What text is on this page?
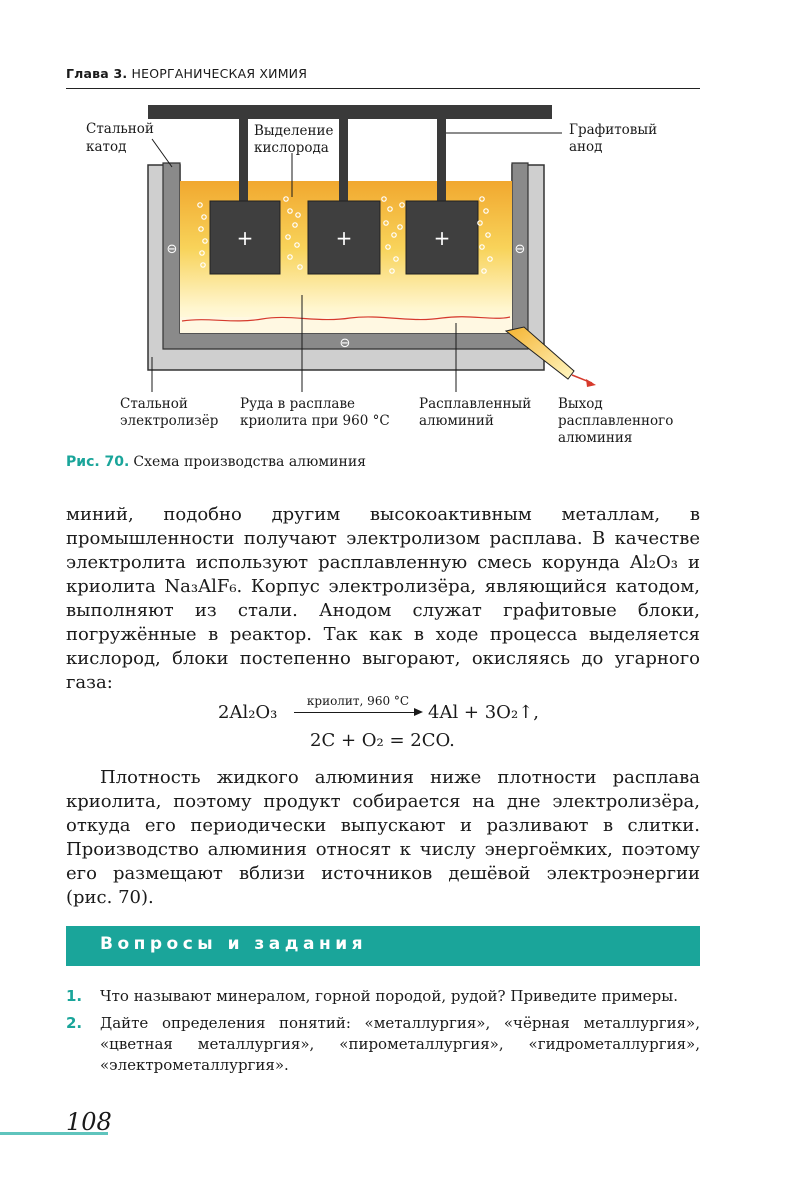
Глава 3. НЕОРГАНИЧЕСКАЯ ХИМИЯ
+	+	+
⊖	⊖
⊖
Стальной катод
Выделение кислорода
Графитовый анод
Стальной электролизёр
Руда в расплаве криолита при 960 °С
Расплавленный алюминий
Выход расплавленного алюминия
Рис. 70. Схема производства алюминия

миний, подобно другим высокоактивным металлам, в промышленности получают электролизом расплава. В качестве электролита используют расплавленную смесь корунда Al₂O₃ и криолита Na₃AlF₆. Корпус электролизёра, являющийся катодом, выполняют из стали. Анодом служат графитовые блоки, погружённые в реактор. Так как в ходе процесса выделяется кислород, блоки постепенно выгорают, окисляясь до угарного газа:

2Al₂O₃
криолит, 960 °С
4Al + 3O₂↑,
2C + O₂ = 2CO.

Плотность жидкого алюминия ниже плотности расплава криолита, поэтому продукт собирается на дне электролизёра, откуда его периодически выпускают и разливают в слитки. Производство алюминия относят к числу энергоёмких, поэтому его размещают вблизи источников дешёвой электроэнергии (рис. 70).

Вопросы и задания
1. Что называют минералом, горной породой, рудой? Приведите примеры.
2. Дайте определения понятий: «металлургия», «чёрная металлургия», «цветная металлургия», «пирометаллургия», «гидрометаллургия», «электрометаллургия».
108
